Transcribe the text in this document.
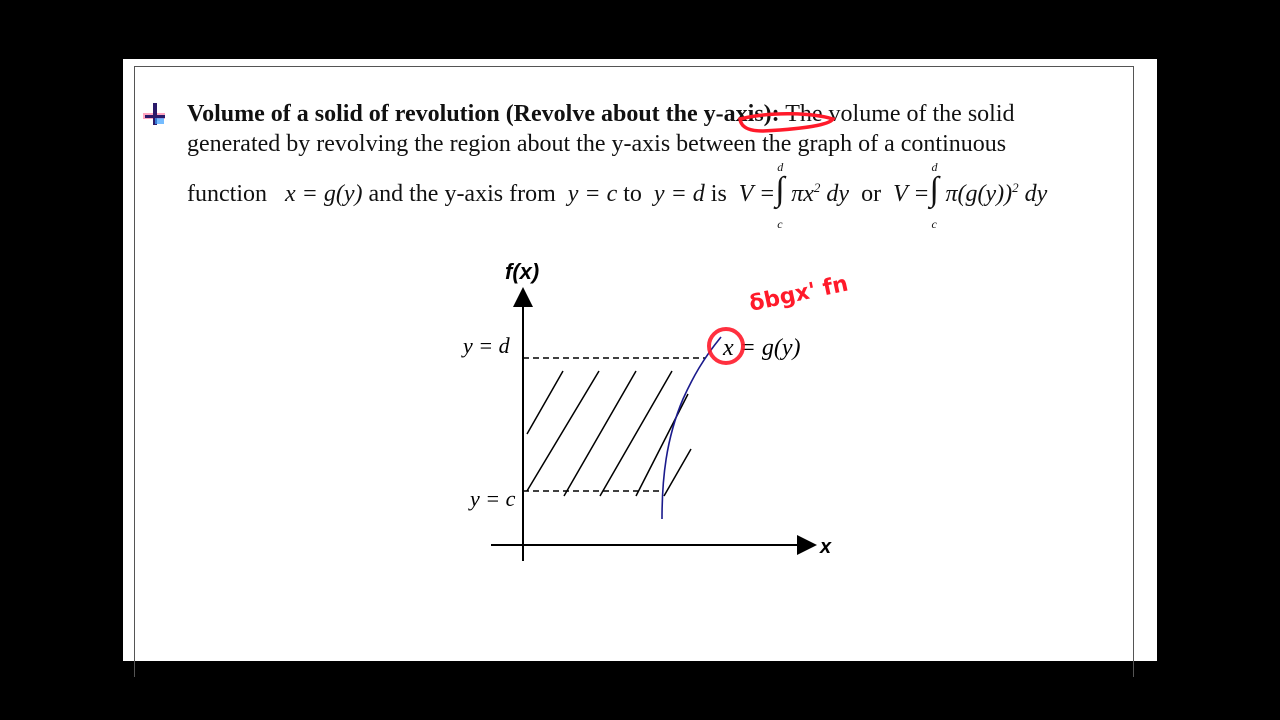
Volume of a solid of revolution (Revolve about the y-axis): The volume of the solid
generated by revolving the region about the y-axis between the graph of a continuous
function x = g(y) and the y-axis from y = c to y = d is V = ∫
d
c
$\pi x^2$ dy or V = ∫
d
c
$\pi(g(y))^2$ dy
f(x)
x
y = d
y = c
x = g(y)
δbgx' fn
